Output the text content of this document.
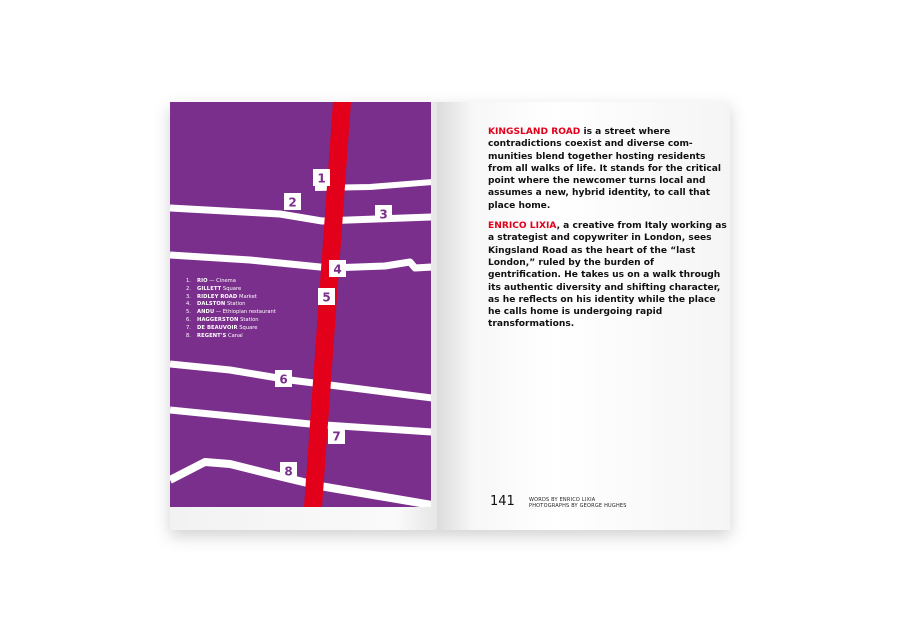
1
2
3
4
5
6
7
8
1.	RIO — Cinema
2.	GILLETT Square
3.	RIDLEY ROAD Market
4.	DALSTON Station
5.	ANDU — Ethiopian restaurant
6.	HAGGERSTON Station
7.	DE BEAUVOIR Square
8.	REGENT'S Canal

KINGSLAND ROAD is a street where contradictions coexist and diverse com-munities blend together hosting residents from all walks of life. It stands for the critical point where the newcomer turns local and assumes a new, hybrid identity, to call that place home.

ENRICO LIXIA, a creative from Italy working as a strategist and copywriter in London, sees Kingsland Road as the heart of the “last London,” ruled by the burden of gentrification. He takes us on a walk through its authentic diversity and shifting character, as he reflects on his identity while the place he calls home is undergoing rapid transformations.

141	WORDS BY ENRICO LIXIA
PHOTOGRAPHS BY GEORGE HUGHES
